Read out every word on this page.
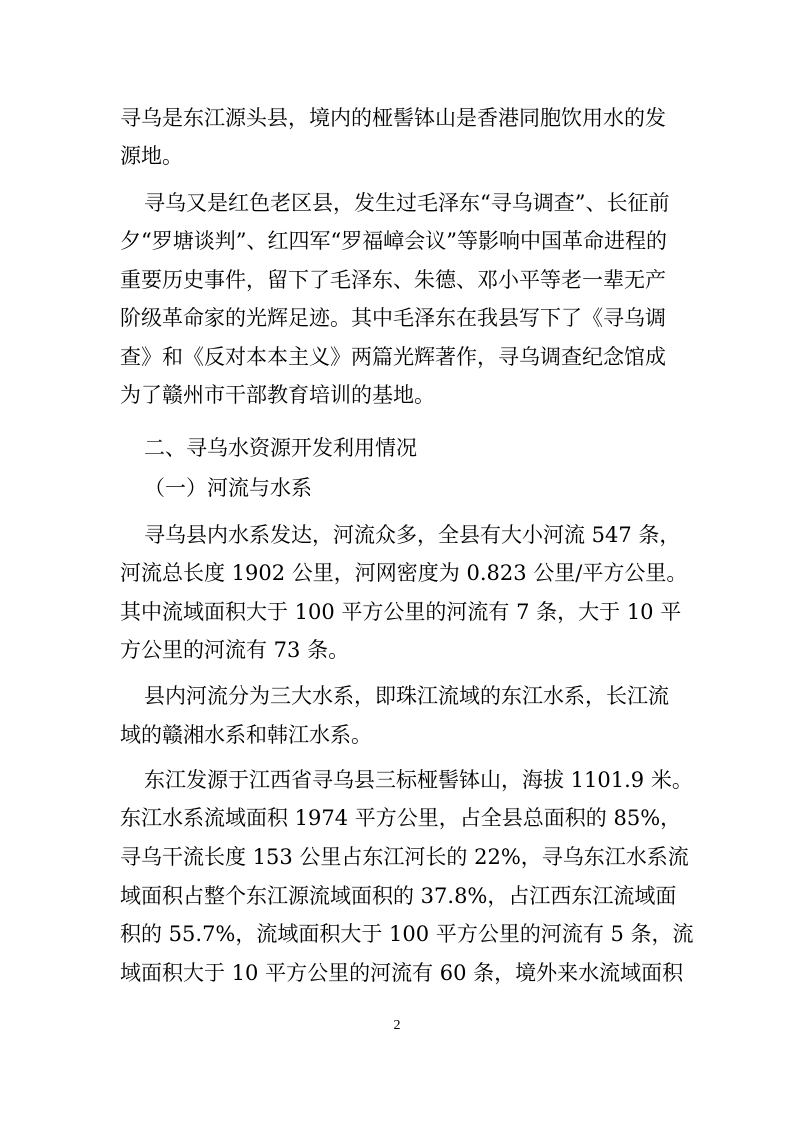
寻乌是东江源头县，境内的桠髻钵山是香港同胞饮用水的发
源地。
寻乌又是红色老区县，发生过毛泽东“寻乌调查”、长征前
夕“罗塘谈判”、红四军“罗福嶂会议”等影响中国革命进程的
重要历史事件，留下了毛泽东、朱德、邓小平等老一辈无产
阶级革命家的光辉足迹。其中毛泽东在我县写下了《寻乌调
查》和《反对本本主义》两篇光辉著作，寻乌调查纪念馆成
为了赣州市干部教育培训的基地。
二、寻乌水资源开发利用情况
（一）河流与水系
寻乌县内水系发达，河流众多，全县有大小河流 547 条，
河流总长度 1902 公里，河网密度为 0.823 公里/平方公里。
其中流域面积大于 100 平方公里的河流有 7 条，大于 10 平
方公里的河流有 73 条。
县内河流分为三大水系，即珠江流域的东江水系，长江流
域的赣湘水系和韩江水系。
东江发源于江西省寻乌县三标桠髻钵山，海拔 1101.9 米。
东江水系流域面积 1974 平方公里，占全县总面积的 85%，
寻乌干流长度 153 公里占东江河长的 22%，寻乌东江水系流
域面积占整个东江源流域面积的 37.8%，占江西东江流域面
积的 55.7%，流域面积大于 100 平方公里的河流有 5 条，流
域面积大于 10 平方公里的河流有 60 条，境外来水流域面积
2
